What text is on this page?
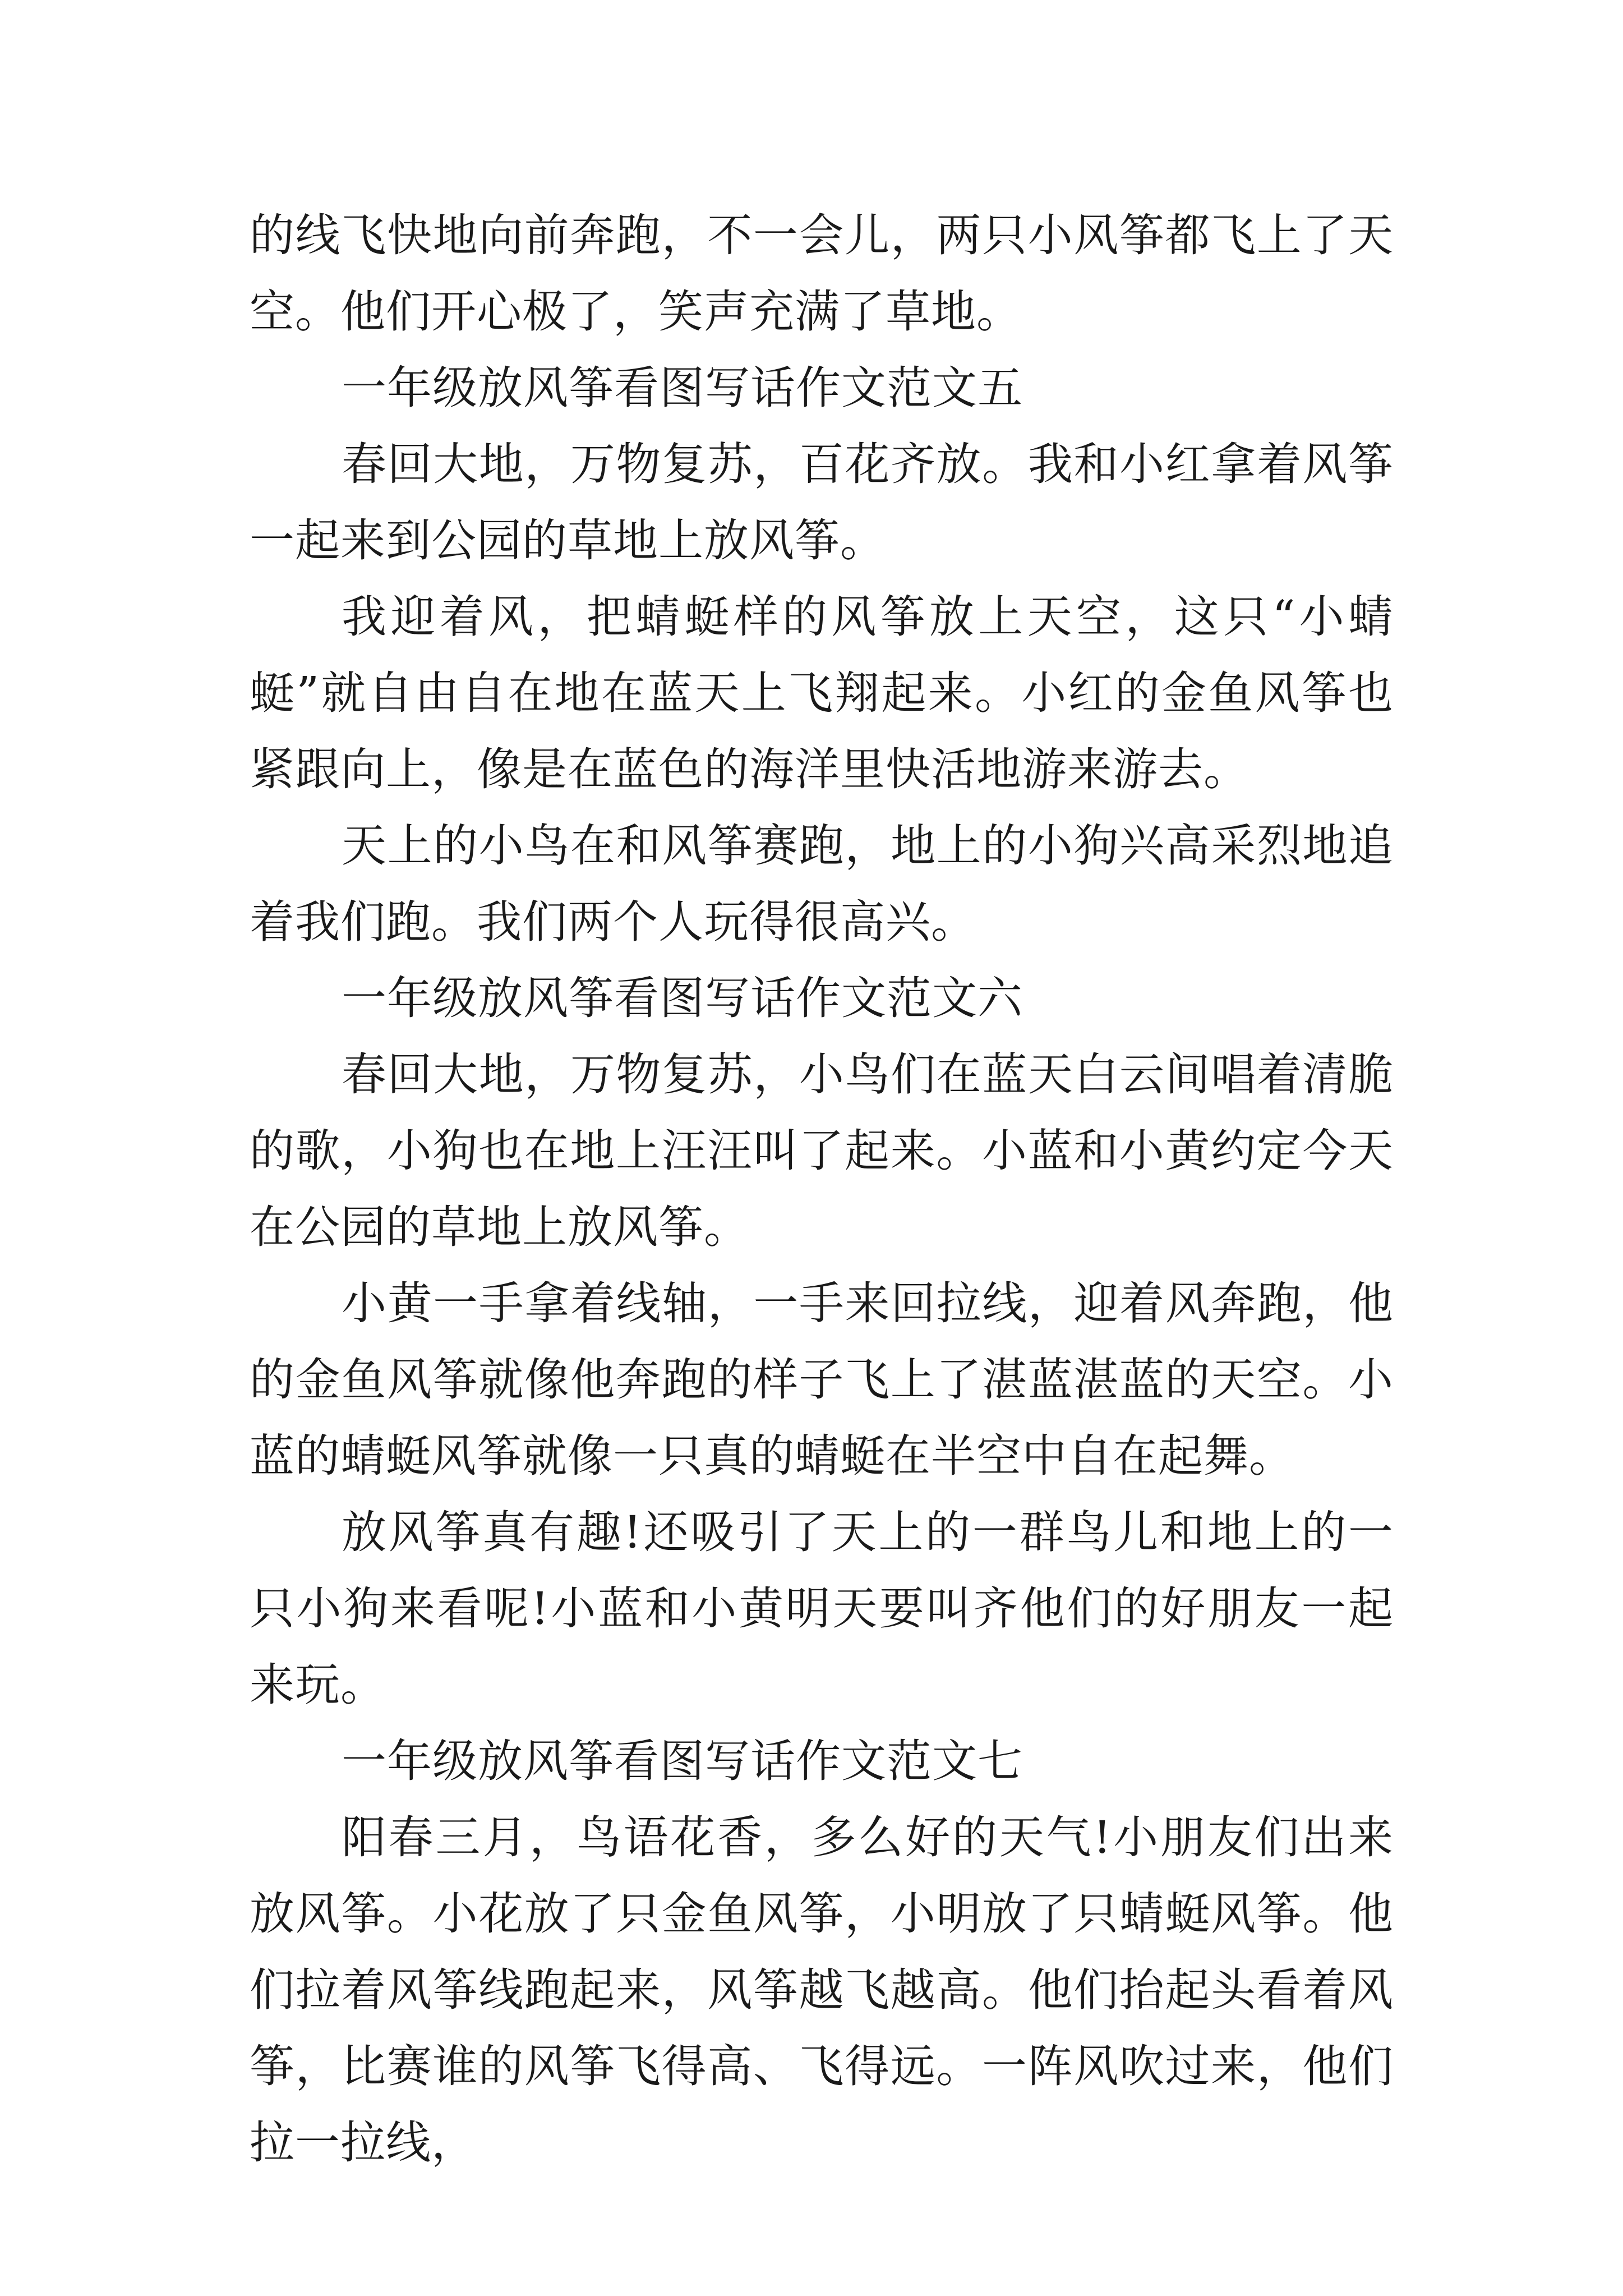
的线飞快地向前奔跑，不一会儿，两只小风筝都飞上了天空。他们开心极了，笑声充满了草地。

一年级放风筝看图写话作文范文五

春回大地，万物复苏，百花齐放。我和小红拿着风筝一起来到公园的草地上放风筝。

我迎着风，把蜻蜓样的风筝放上天空，这只“小蜻蜓”就自由自在地在蓝天上飞翔起来。小红的金鱼风筝也紧跟向上，像是在蓝色的海洋里快活地游来游去。

天上的小鸟在和风筝赛跑，地上的小狗兴高采烈地追着我们跑。我们两个人玩得很高兴。

一年级放风筝看图写话作文范文六

春回大地，万物复苏，小鸟们在蓝天白云间唱着清脆的歌，小狗也在地上汪汪叫了起来。小蓝和小黄约定今天在公园的草地上放风筝。

小黄一手拿着线轴，一手来回拉线，迎着风奔跑，他的金鱼风筝就像他奔跑的样子飞上了湛蓝湛蓝的天空。小蓝的蜻蜓风筝就像一只真的蜻蜓在半空中自在起舞。

放风筝真有趣!还吸引了天上的一群鸟儿和地上的一只小狗来看呢!小蓝和小黄明天要叫齐他们的好朋友一起来玩。

一年级放风筝看图写话作文范文七

阳春三月，鸟语花香，多么好的天气!小朋友们出来放风筝。小花放了只金鱼风筝，小明放了只蜻蜓风筝。他们拉着风筝线跑起来，风筝越飞越高。他们抬起头看着风筝，比赛谁的风筝飞得高、飞得远。一阵风吹过来，他们拉一拉线，
